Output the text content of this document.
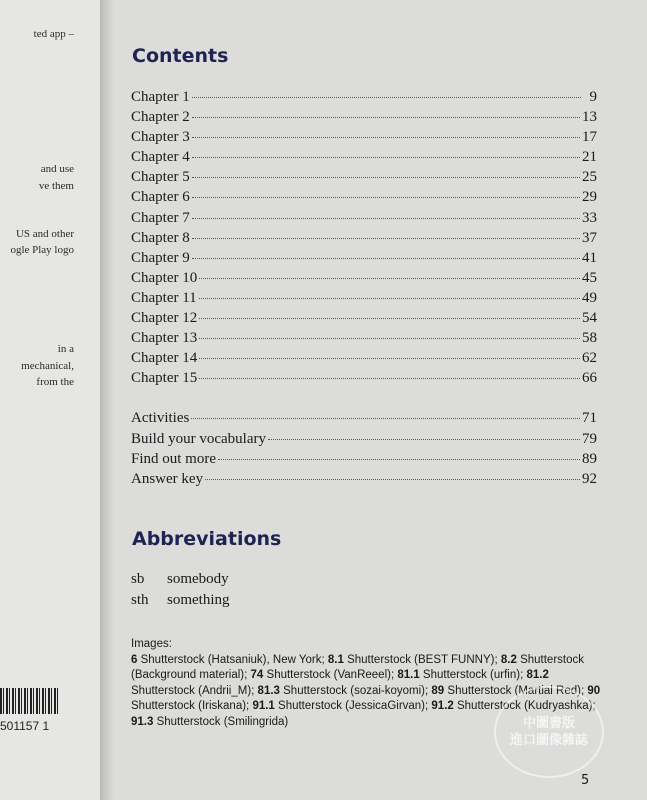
ted app –
and use
ve them
US and other
ogle Play logo
in a
mechanical,
from the
501157 1
Contents
Chapter 1	9
Chapter 2	13
Chapter 3	17
Chapter 4	21
Chapter 5	25
Chapter 6	29
Chapter 7	33
Chapter 8	37
Chapter 9	41
Chapter 10	45
Chapter 11	49
Chapter 12	54
Chapter 13	58
Chapter 14	62
Chapter 15	66
Activities	71
Build your vocabulary	79
Find out more	89
Answer key	92
Abbreviations
sb somebody
sth something
Images:
6 Shutterstock (Hatsaniuk), New York; 8.1 Shutterstock (BEST FUNNY); 8.2 Shutterstock (Background material); 74 Shutterstock (VanReeel); 81.1 Shutterstock (urfin); 81.2 Shutterstock (Andrii_M); 81.3 Shutterstock (sozai-koyomi); 89 Shutterstock (Martial Red); 90 Shutterstock (Iriskana); 91.1 Shutterstock (JessicaGirvan); 91.2 Shutterstock (Kudryashka); 91.3 Shutterstock (Smilingrida)	中圖書版
進口圖像雜誌
5
